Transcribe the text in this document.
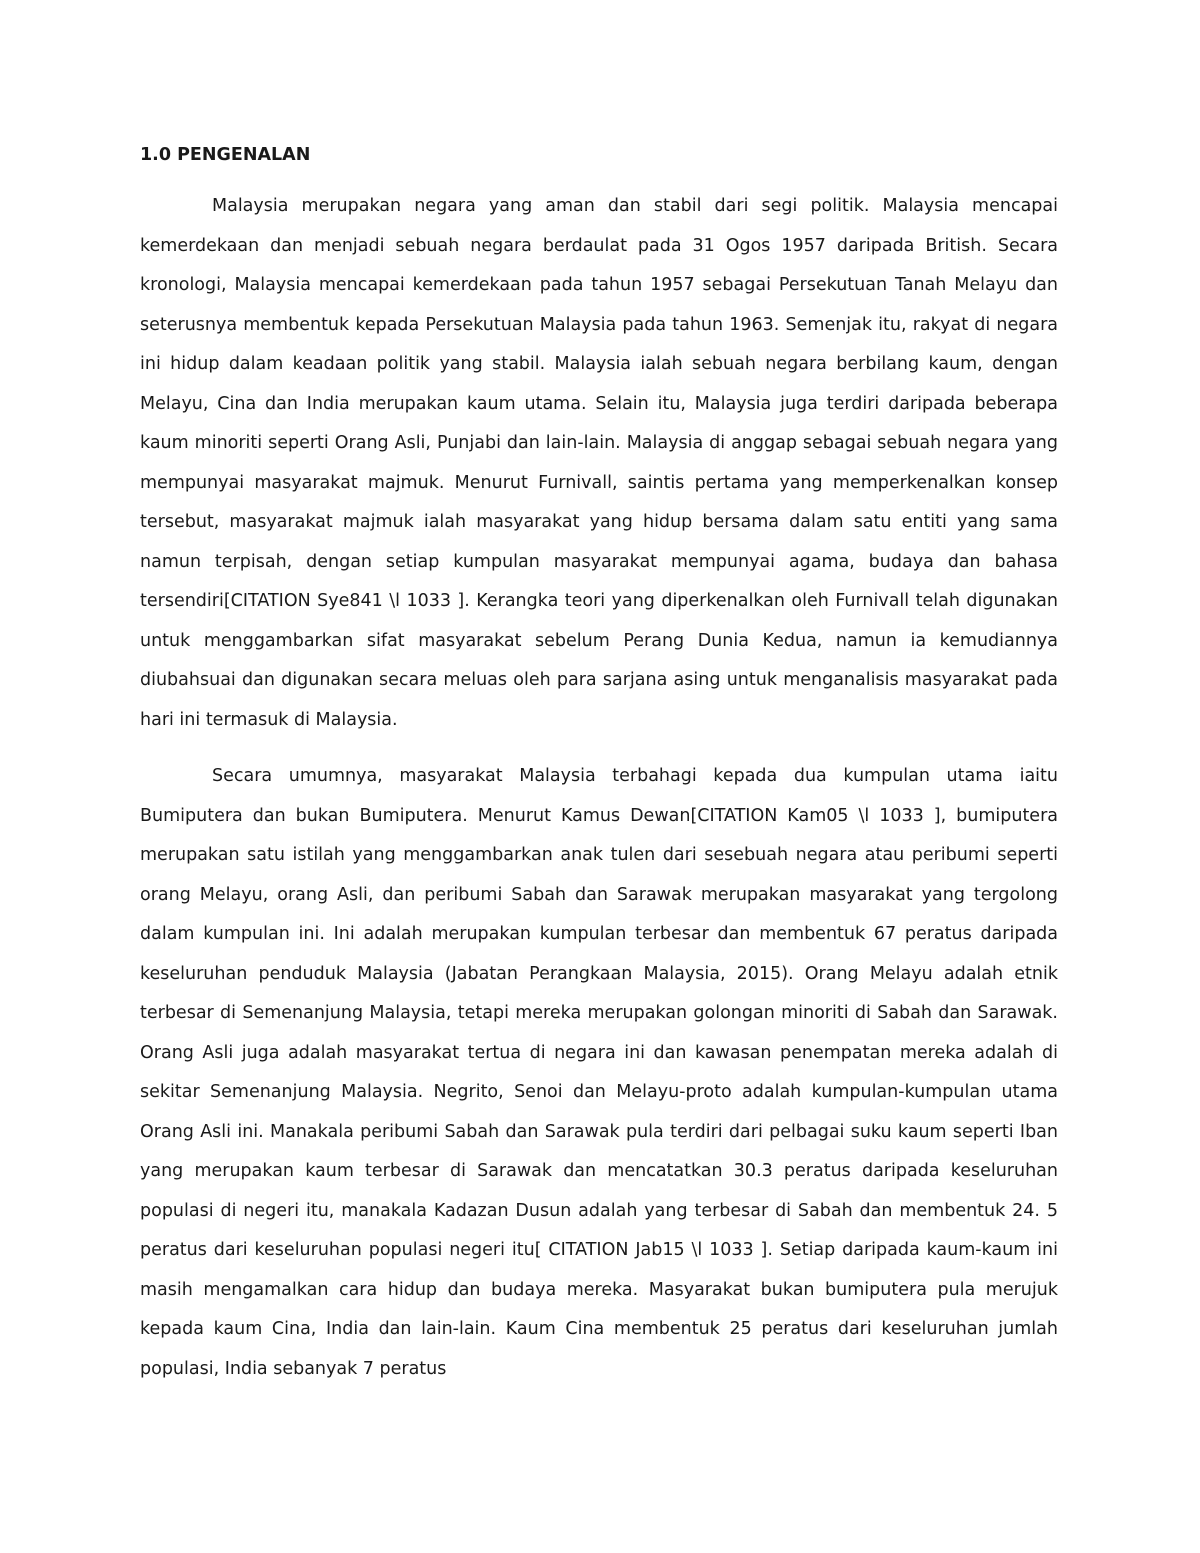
1.0 PENGENALAN

Malaysia merupakan negara yang aman dan stabil dari segi politik. Malaysia mencapai kemerdekaan dan menjadi sebuah negara berdaulat pada 31 Ogos 1957 daripada British. Secara kronologi, Malaysia mencapai kemerdekaan pada tahun 1957 sebagai Persekutuan Tanah Melayu dan seterusnya membentuk kepada Persekutuan Malaysia pada tahun 1963. Semenjak itu, rakyat di negara ini hidup dalam keadaan politik yang stabil. Malaysia ialah sebuah negara berbilang kaum, dengan Melayu, Cina dan India merupakan kaum utama. Selain itu, Malaysia juga terdiri daripada beberapa kaum minoriti seperti Orang Asli, Punjabi dan lain-lain. Malaysia di anggap sebagai sebuah negara yang mempunyai masyarakat majmuk. Menurut Furnivall, saintis pertama yang memperkenalkan konsep tersebut, masyarakat majmuk ialah masyarakat yang hidup bersama dalam satu entiti yang sama namun terpisah, dengan setiap kumpulan masyarakat mempunyai agama, budaya dan bahasa tersendiri[CITATION Sye841 \l 1033 ]. Kerangka teori yang diperkenalkan oleh Furnivall telah digunakan untuk menggambarkan sifat masyarakat sebelum Perang Dunia Kedua, namun ia kemudiannya diubahsuai dan digunakan secara meluas oleh para sarjana asing untuk menganalisis masyarakat pada hari ini termasuk di Malaysia.

Secara umumnya, masyarakat Malaysia terbahagi kepada dua kumpulan utama iaitu Bumiputera dan bukan Bumiputera. Menurut Kamus Dewan[CITATION Kam05 \l 1033 ], bumiputera merupakan satu istilah yang menggambarkan anak tulen dari sesebuah negara atau peribumi seperti orang Melayu, orang Asli, dan peribumi Sabah dan Sarawak merupakan masyarakat yang tergolong dalam kumpulan ini. Ini adalah merupakan kumpulan terbesar dan membentuk 67 peratus daripada keseluruhan penduduk Malaysia (Jabatan Perangkaan Malaysia, 2015). Orang Melayu adalah etnik terbesar di Semenanjung Malaysia, tetapi mereka merupakan golongan minoriti di Sabah dan Sarawak. Orang Asli juga adalah masyarakat tertua di negara ini dan kawasan penempatan mereka adalah di sekitar Semenanjung Malaysia. Negrito, Senoi dan Melayu-proto adalah kumpulan-kumpulan utama Orang Asli ini. Manakala peribumi Sabah dan Sarawak pula terdiri dari pelbagai suku kaum seperti Iban yang merupakan kaum terbesar di Sarawak dan mencatatkan 30.3 peratus daripada keseluruhan populasi di negeri itu, manakala Kadazan Dusun adalah yang terbesar di Sabah dan membentuk 24. 5 peratus dari keseluruhan populasi negeri itu[ CITATION Jab15 \l 1033 ]. Setiap daripada kaum-kaum ini masih mengamalkan cara hidup dan budaya mereka. Masyarakat bukan bumiputera pula merujuk kepada kaum Cina, India dan lain-lain. Kaum Cina membentuk 25 peratus dari keseluruhan jumlah populasi, India sebanyak 7 peratus
